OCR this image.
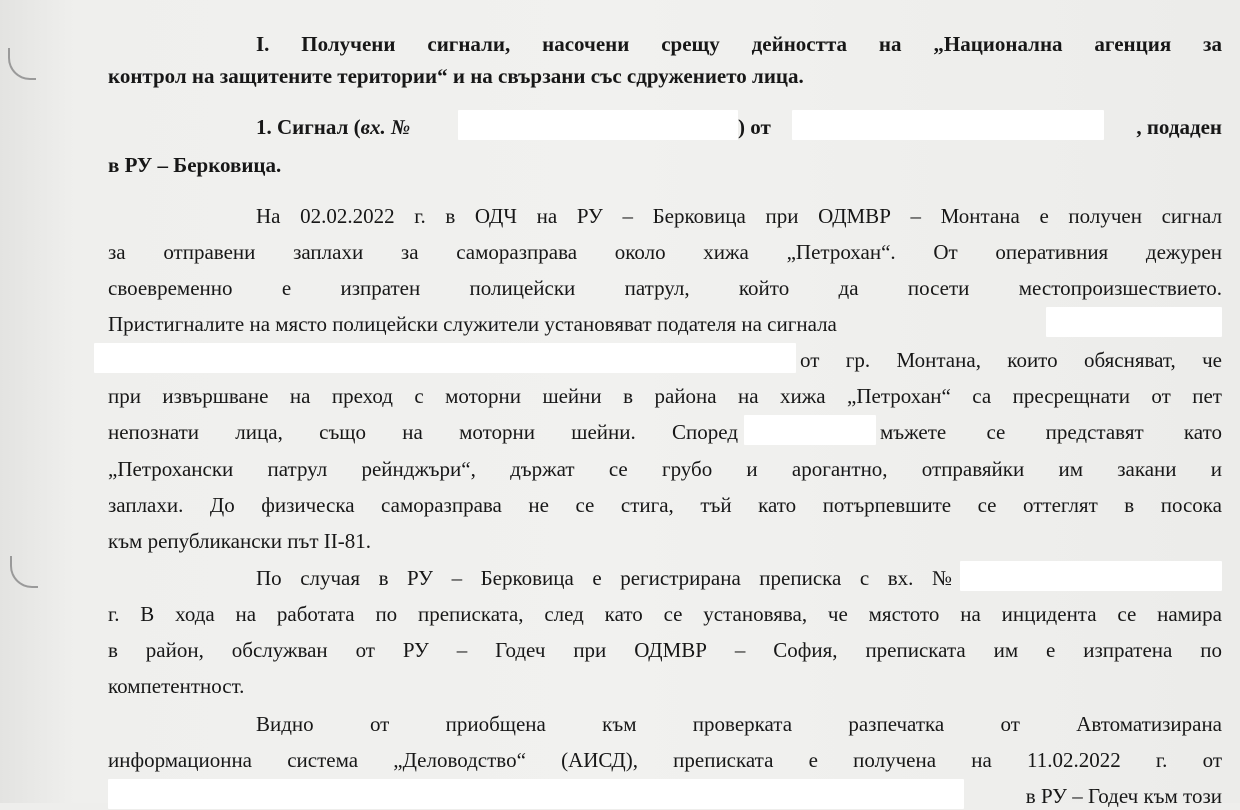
I. Получени сигнали, насочени срещу дейността на „Национална агенция за
контрол на защитените територии“ и на свързани със сдружението лица.
1. Сигнал (вх. №	) от	, подаден
в РУ – Берковица.
На 02.02.2022 г. в ОДЧ на РУ – Берковица при ОДМВР – Монтана е получен сигнал
за отправени заплахи за саморазправа около хижа „Петрохан“. От оперативния дежурен
своевременно е изпратен полицейски патрул, който да посети местопроизшествието.
Пристигналите на място полицейски служители установяват подателя на сигнала
от гр. Монтана, които обясняват, че
при извършване на преход с моторни шейни в района на хижа „Петрохан“ са пресрещнати от пет
непознати лица, също на моторни шейни. Според	мъжете се представят като
„Петрохански патрул рейнджъри“, държат се грубо и арогантно, отправяйки им закани и
заплахи. До физическа саморазправа не се стига, тъй като потърпевшите се оттеглят в посока
към републикански път II-81.
По случая в РУ – Берковица е регистрирана преписка с вх. №
г. В хода на работата по преписката, след като се установява, че мястото на инцидента се намира
в район, обслужван от РУ – Годеч при ОДМВР – София, преписката им е изпратена по
компетентност.
Видно от приобщена към проверката разпечатка от Автоматизирана
информационна система „Деловодство“ (АИСД), преписката е получена на 11.02.2022 г. от
в РУ – Годеч към този
